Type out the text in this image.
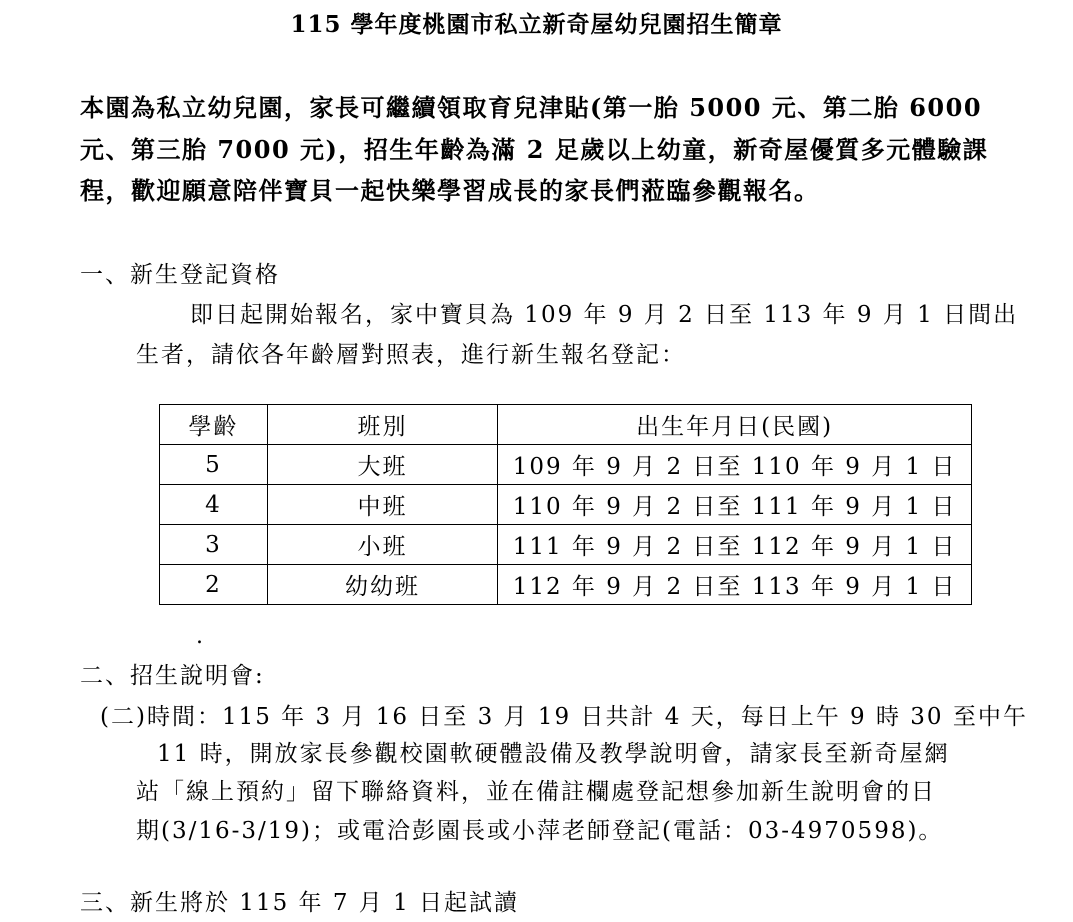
115 學年度桃園市私立新奇屋幼兒園招生簡章
本園為私立幼兒園，家長可繼續領取育兒津貼(第一胎 5000 元、第二胎 6000
元、第三胎 7000 元)，招生年齡為滿 2 足歲以上幼童，新奇屋優質多元體驗課
程，歡迎願意陪伴寶貝一起快樂學習成長的家長們蒞臨參觀報名。
一、新生登記資格
即日起開始報名，家中寶貝為 109 年 9 月 2 日至 113 年 9 月 1 日間出
生者，請依各年齡層對照表，進行新生報名登記：
學齡	班別	出生年月日(民國)
5	大班	109 年 9 月 2 日至 110 年 9 月 1 日
4	中班	110 年 9 月 2 日至 111 年 9 月 1 日
3	小班	111 年 9 月 2 日至 112 年 9 月 1 日
2	幼幼班	112 年 9 月 2 日至 113 年 9 月 1 日
.
二、招生說明會:
(二)時間：115 年 3 月 16 日至 3 月 19 日共計 4 天，每日上午 9 時 30 至中午
11 時，開放家長參觀校園軟硬體設備及教學說明會，請家長至新奇屋網
站「線上預約」留下聯絡資料，並在備註欄處登記想參加新生說明會的日
期(3/16-3/19)；或電洽彭園長或小萍老師登記(電話：03-4970598)。
三、新生將於 115 年 7 月 1 日起試讀
